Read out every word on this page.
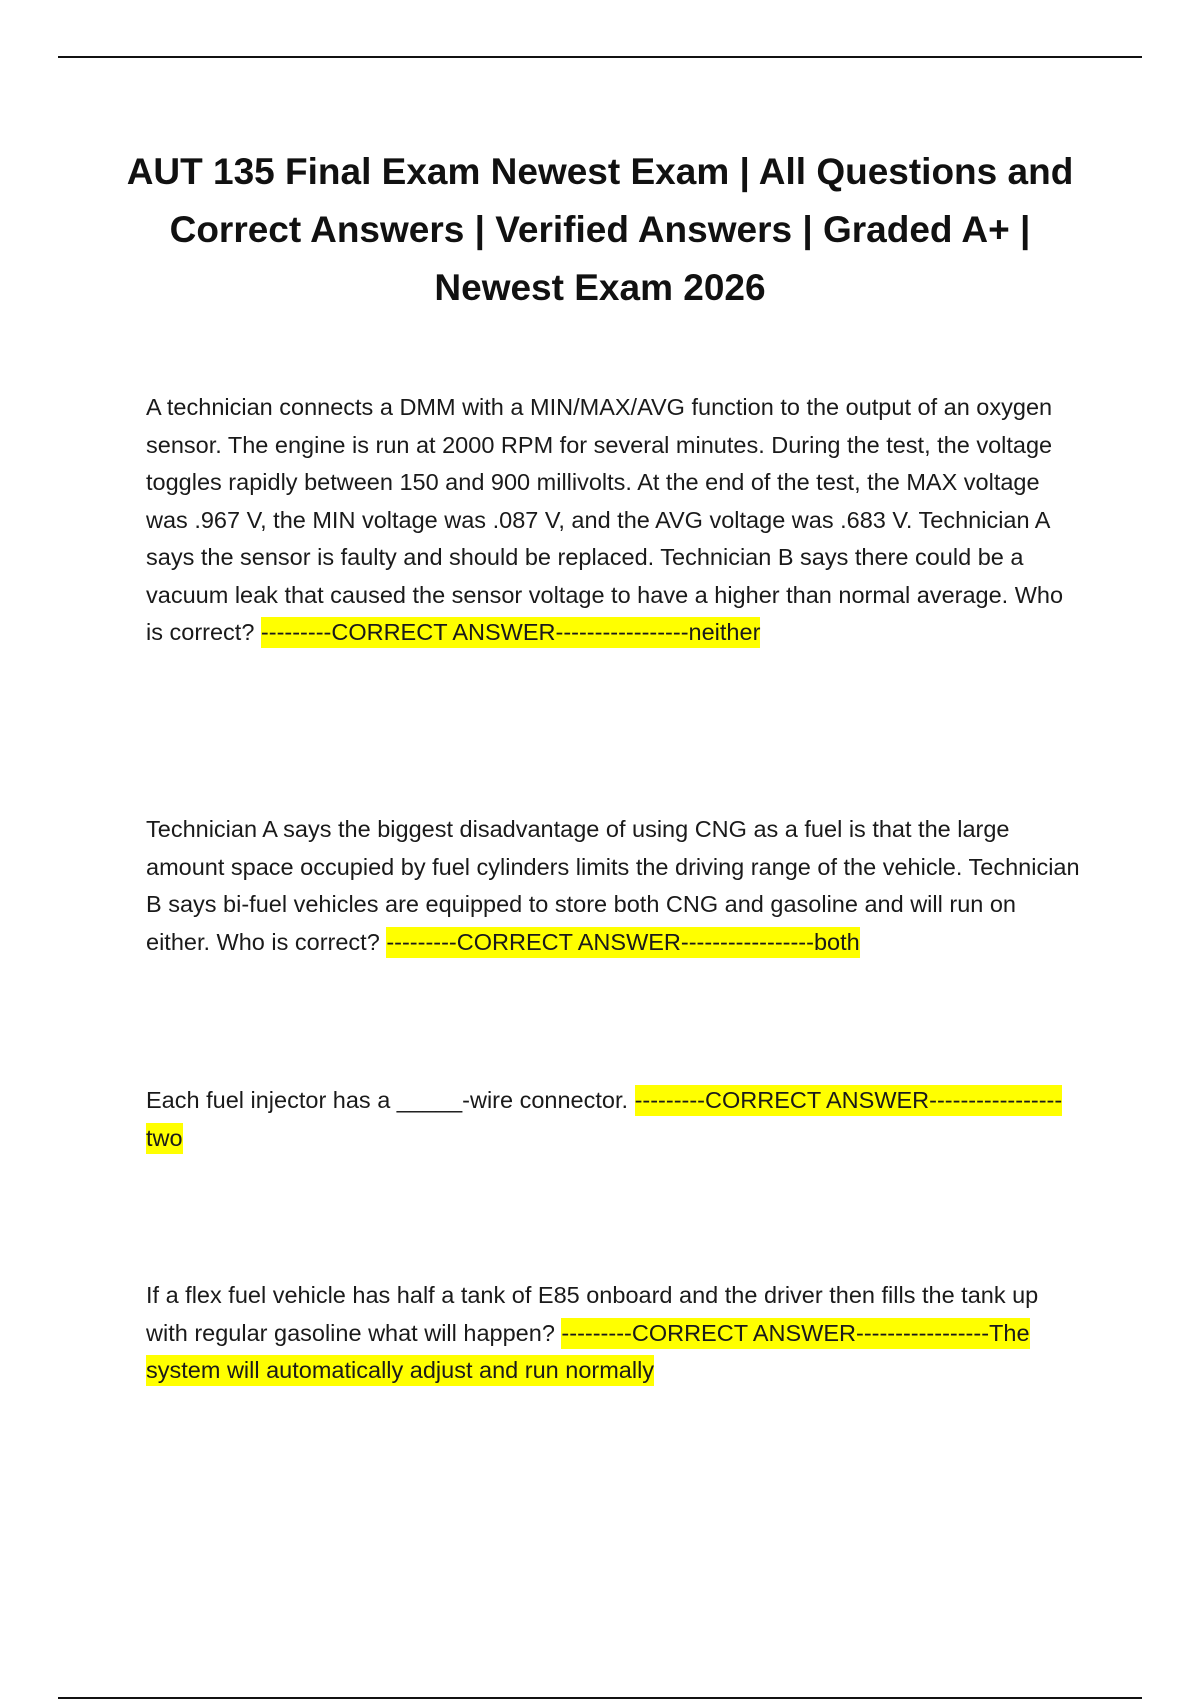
AUT 135 Final Exam Newest Exam | All Questions and Correct Answers | Verified Answers | Graded A+ | Newest Exam 2026

A technician connects a DMM with a MIN/MAX/AVG function to the output of an oxygen sensor. The engine is run at 2000 RPM for several minutes. During the test, the voltage toggles rapidly between 150 and 900 millivolts. At the end of the test, the MAX voltage was .967 V, the MIN voltage was .087 V, and the AVG voltage was .683 V. Technician A says the sensor is faulty and should be replaced. Technician B says there could be a vacuum leak that caused the sensor voltage to have a higher than normal average. Who is correct? ---------CORRECT ANSWER-----------------neither

Technician A says the biggest disadvantage of using CNG as a fuel is that the large amount space occupied by fuel cylinders limits the driving range of the vehicle. Technician B says bi-fuel vehicles are equipped to store both CNG and gasoline and will run on either. Who is correct? ---------CORRECT ANSWER-----------------both

Each fuel injector has a _____-wire connector. ---------CORRECT ANSWER-----------------two

If a flex fuel vehicle has half a tank of E85 onboard and the driver then fills the tank up with regular gasoline what will happen? ---------CORRECT ANSWER-----------------The system will automatically adjust and run normally
